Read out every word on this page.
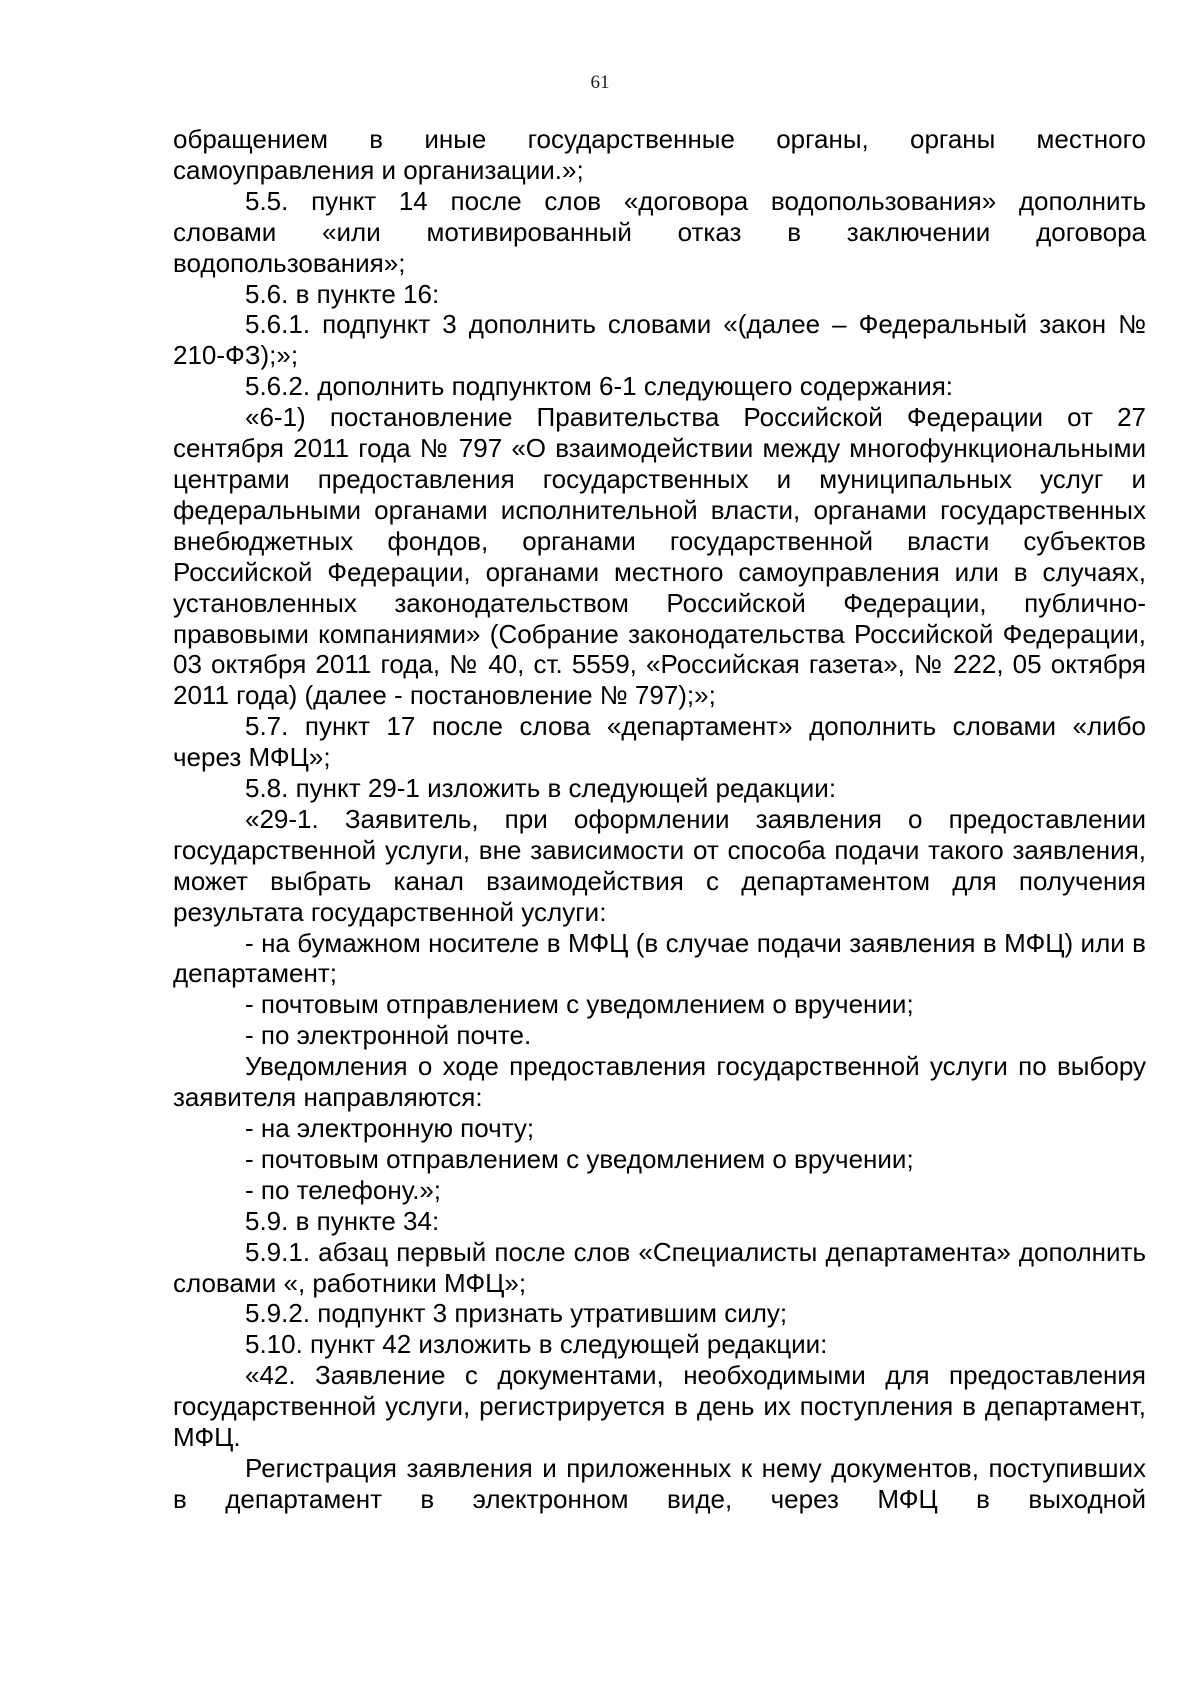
61

обращением в иные государственные органы, органы местного самоуправления и организации.»;

5.5. пункт 14 после слов «договора водопользования» дополнить словами «или мотивированный отказ в заключении договора водопользования»;

5.6. в пункте 16:

5.6.1. подпункт 3 дополнить словами «(далее – Федеральный закон № 210-ФЗ);»;

5.6.2. дополнить подпунктом 6-1 следующего содержания:

«6-1) постановление Правительства Российской Федерации от 27 сентября 2011 года № 797 «О взаимодействии между многофункциональными центрами предоставления государственных и муниципальных услуг и федеральными органами исполнительной власти, органами государственных внебюджетных фондов, органами государственной власти субъектов Российской Федерации, органами местного самоуправления или в случаях, установленных законодательством Российской Федерации, публично-правовыми компаниями» (Собрание законодательства Российской Федерации, 03 октября 2011 года, № 40, ст. 5559, «Российская газета», № 222, 05 октября 2011 года) (далее - постановление № 797);»;

5.7. пункт 17 после слова «департамент» дополнить словами «либо через МФЦ»;

5.8. пункт 29-1 изложить в следующей редакции:

«29-1. Заявитель, при оформлении заявления о предоставлении государственной услуги, вне зависимости от способа подачи такого заявления, может выбрать канал взаимодействия с департаментом для получения результата государственной услуги:

- на бумажном носителе в МФЦ (в случае подачи заявления в МФЦ) или в департамент;

- почтовым отправлением с уведомлением о вручении;

- по электронной почте.

Уведомления о ходе предоставления государственной услуги по выбору заявителя направляются:

- на электронную почту;

- почтовым отправлением с уведомлением о вручении;

- по телефону.»;

5.9. в пункте 34:

5.9.1. абзац первый после слов «Специалисты департамента» дополнить словами «, работники МФЦ»;

5.9.2. подпункт 3 признать утратившим силу;

5.10. пункт 42 изложить в следующей редакции:

«42. Заявление с документами, необходимыми для предоставления государственной услуги, регистрируется в день их поступления в департамент, МФЦ.

Регистрация заявления и приложенных к нему документов, поступивших в департамент в электронном виде, через МФЦ в выходной
